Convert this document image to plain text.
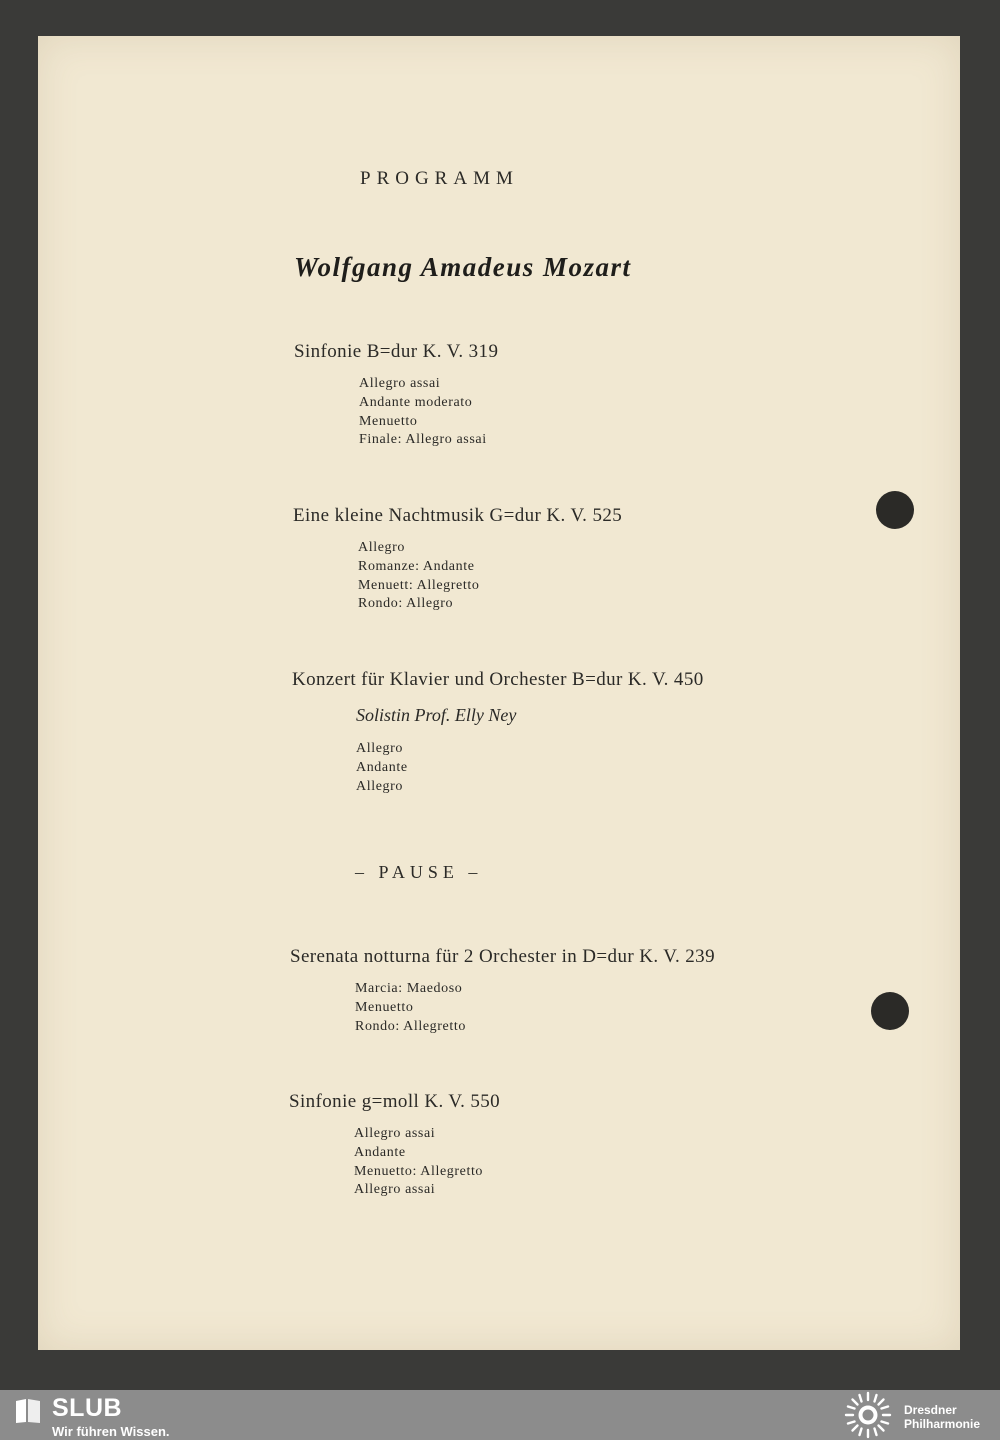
PROGRAMM
Wolfgang Amadeus Mozart

Sinfonie B=dur K. V. 319

Allegro assai
Andante moderato
Menuetto
Finale: Allegro assai

Eine kleine Nachtmusik G=dur K. V. 525

Allegro
Romanze: Andante
Menuett: Allegretto
Rondo: Allegro

Konzert für Klavier und Orchester B=dur K. V. 450

Solistin Prof. Elly Ney

Allegro
Andante
Allegro
– PAUSE –

Serenata notturna für 2 Orchester in D=dur K. V. 239

Marcia: Maedoso
Menuetto
Rondo: Allegretto

Sinfonie g=moll K. V. 550

Allegro assai
Andante
Menuetto: Allegretto
Allegro assai
SLUB
Wir führen Wissen.
Dresdner
Philharmonie
